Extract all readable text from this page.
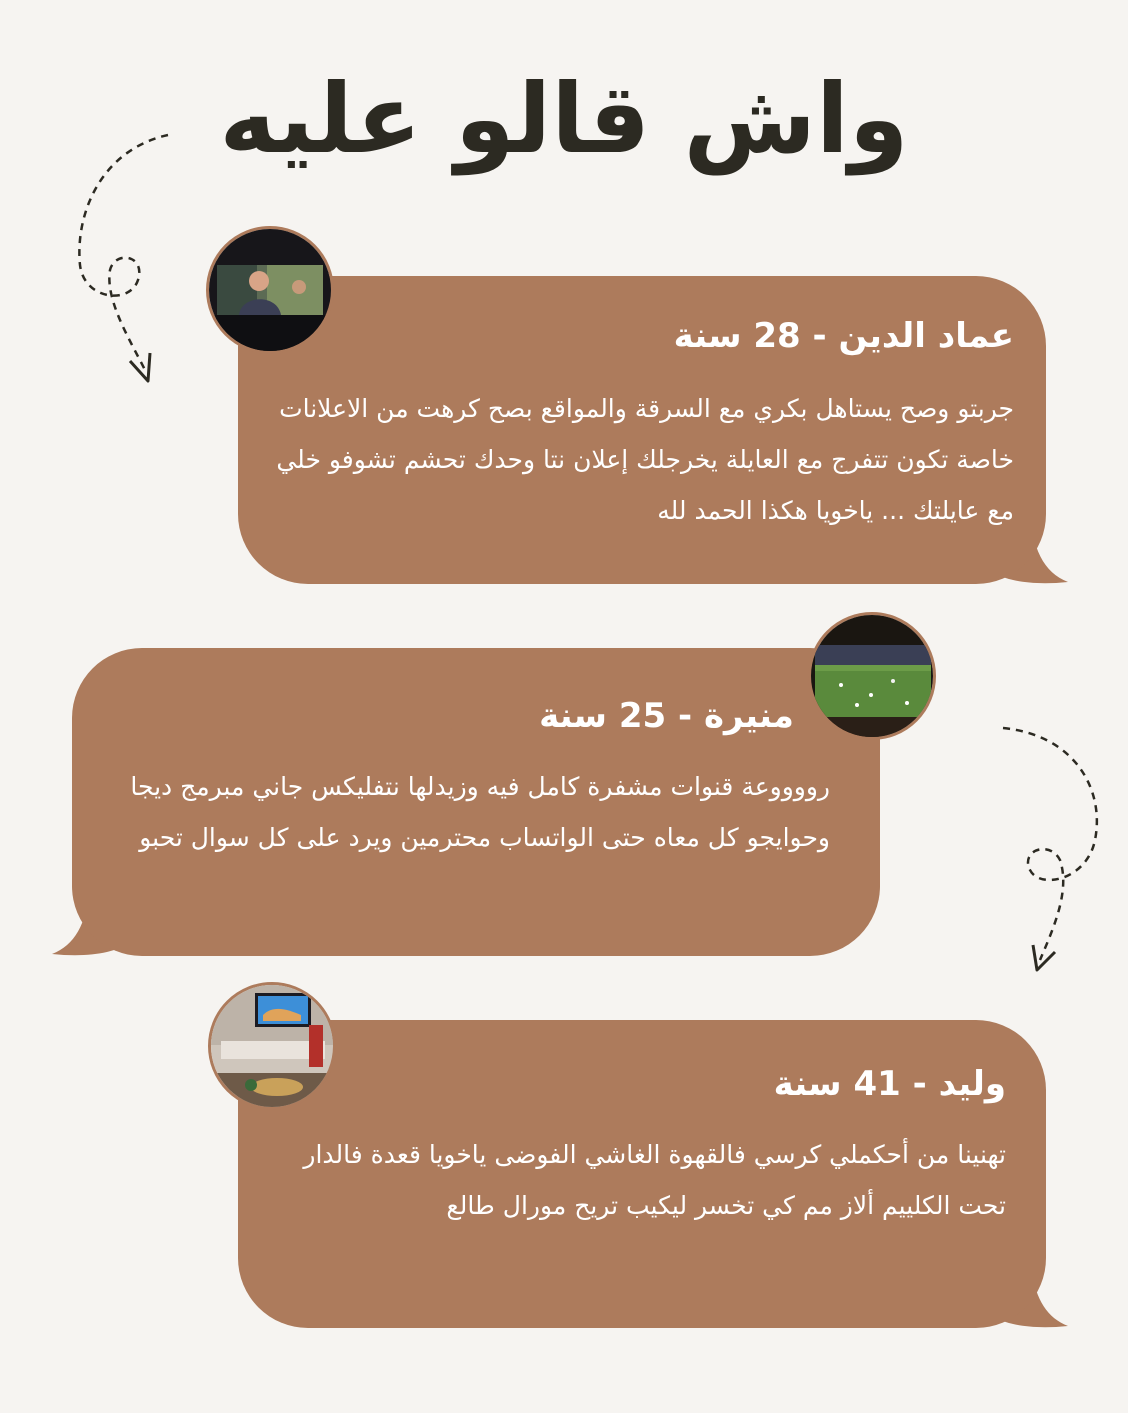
واش قالو عليه
عماد الدين - 28 سنة

جربتو وصح يستاهل بكري مع السرقة والمواقع بصح كرهت من الاعلانات خاصة تكون تتفرج مع العايلة يخرجلك إعلان نتا وحدك تحشم تشوفو خلي مع عايلتك ... ياخويا هكذا الحمد لله

منيرة - 25 سنة

رووووعة قنوات مشفرة كامل فيه وزيدلها نتفليكس جاني مبرمج ديجا وحوايجو كل معاه حتى الواتساب محترمين ويرد على كل سوال تحبو

وليد - 41 سنة

تهنينا من أحكملي كرسي فالقهوة الغاشي الفوضى ياخويا قعدة فالدار تحت الكلييم ألاز مم كي تخسر ليكيب تريح مورال طالع
